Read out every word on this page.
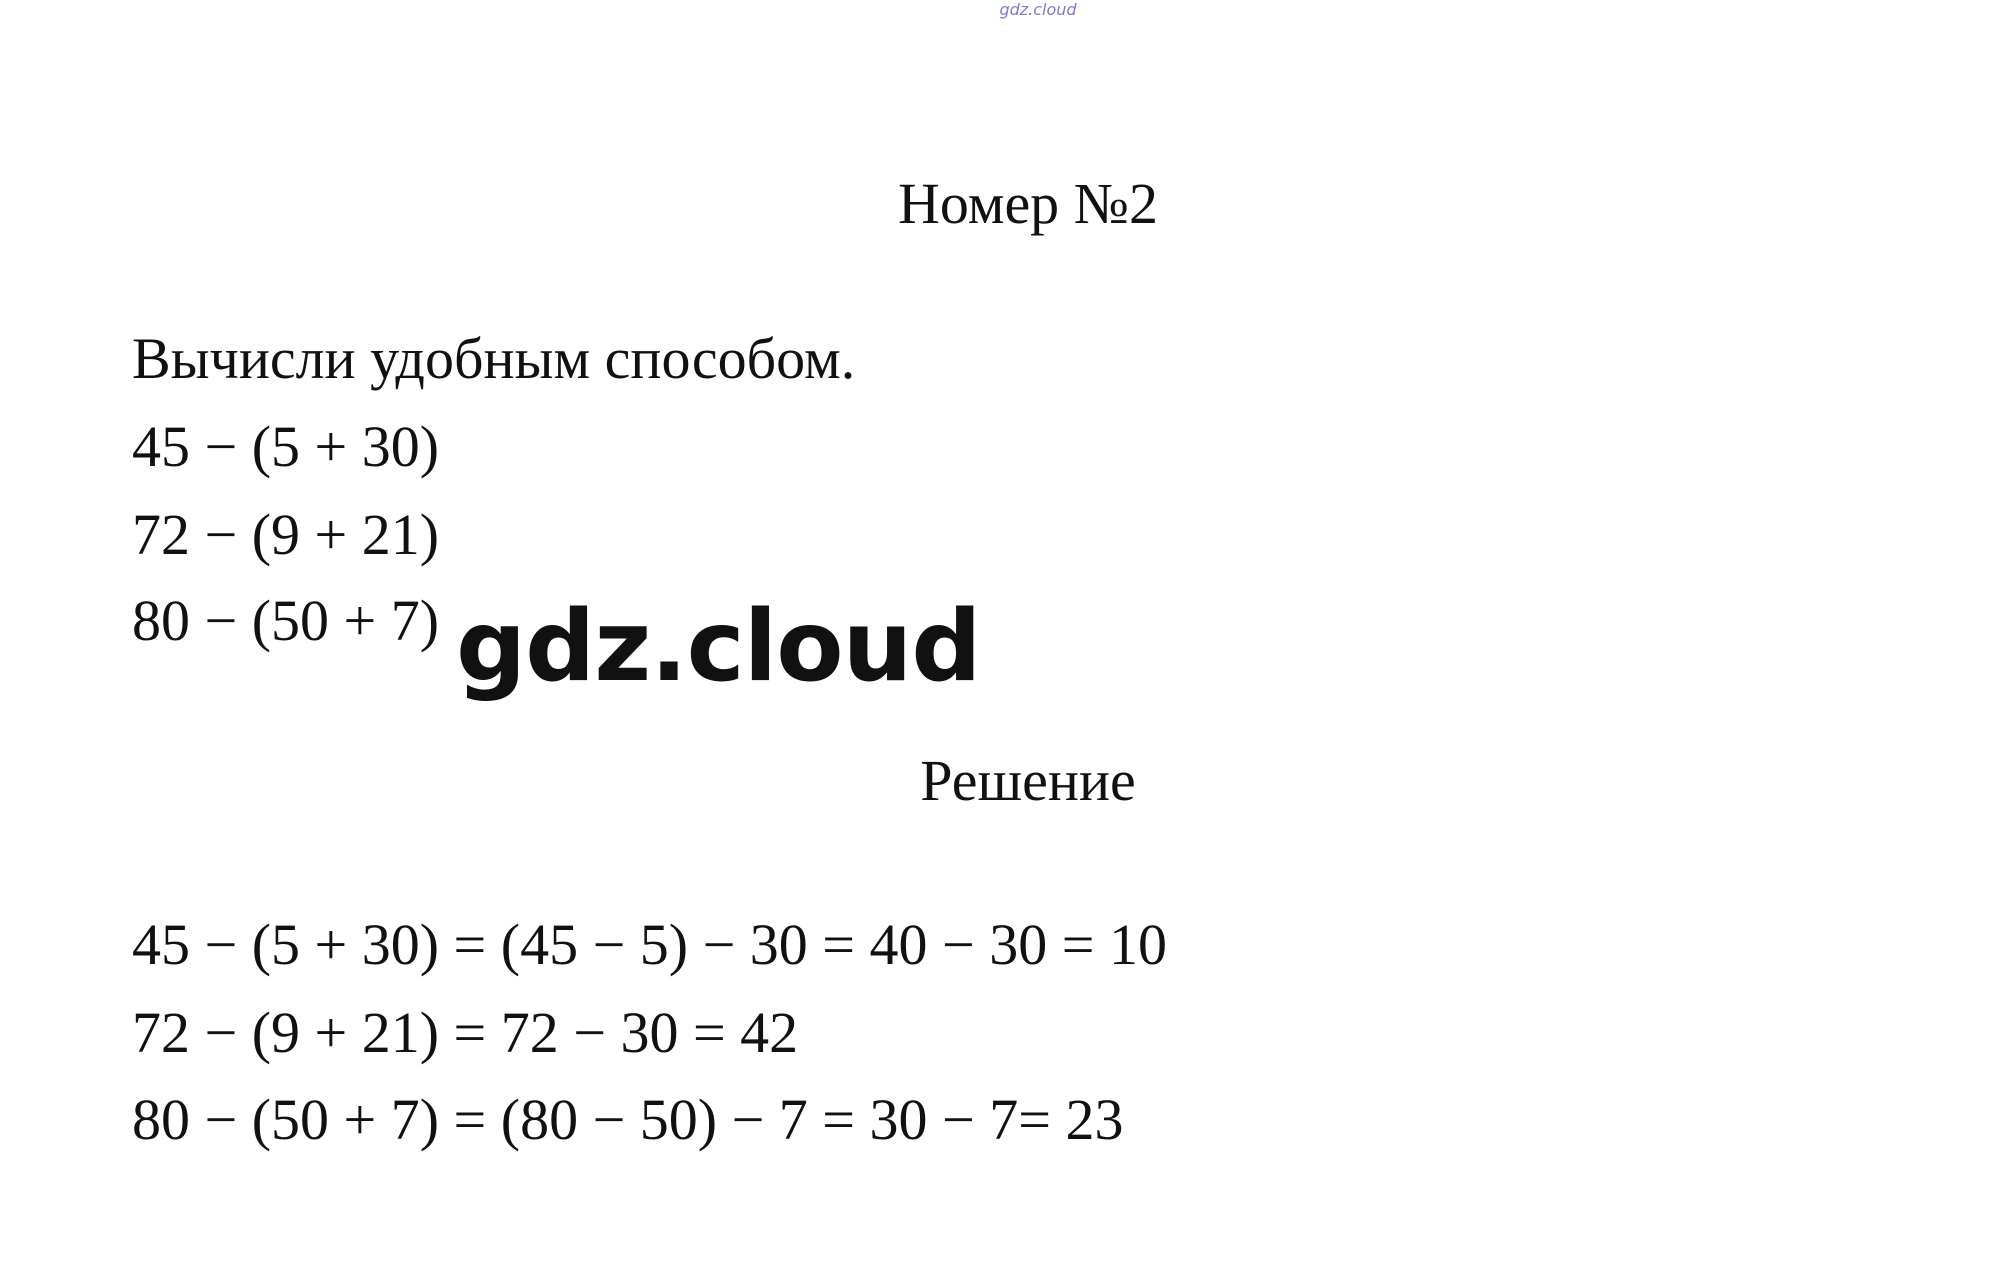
gdz.cloud
Номер №2
Вычисли удобным способом.
45 − (5 + 30)
72 − (9 + 21)
80 − (50 + 7) gdz.cloud
Решение
45 − (5 + 30) = (45 − 5) − 30 = 40 − 30 = 10
72 − (9 + 21) = 72 − 30 = 42
80 − (50 + 7) = (80 − 50) − 7 = 30 − 7= 23
